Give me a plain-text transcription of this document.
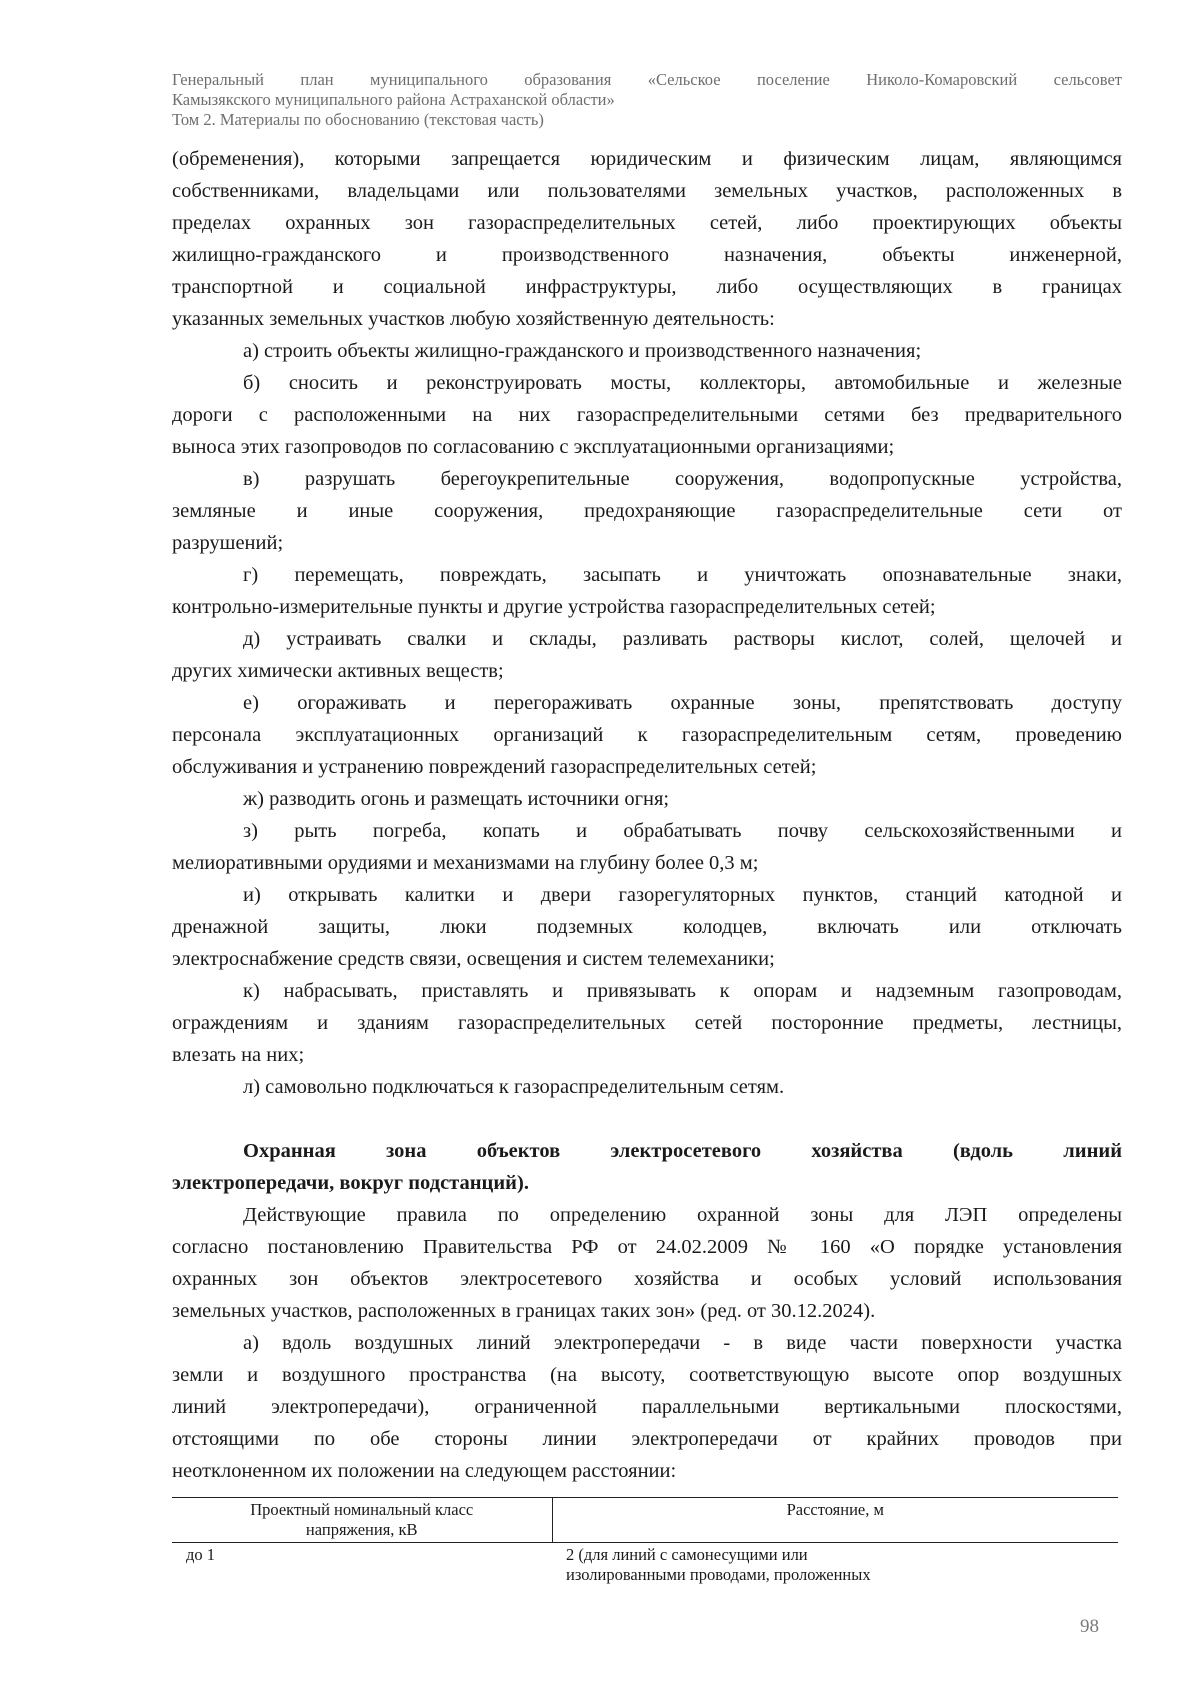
Генеральный план муниципального образования «Сельское поселение Николо-Комаровский сельсовет
Камызякского муниципального района Астраханской области»
Том 2. Материалы по обоснованию (текстовая часть)
(обременения), которыми запрещается юридическим и физическим лицам, являющимся
собственниками, владельцами или пользователями земельных участков, расположенных в
пределах охранных зон газораспределительных сетей, либо проектирующих объекты
жилищно-гражданского и производственного назначения, объекты инженерной,
транспортной и социальной инфраструктуры, либо осуществляющих в границах
указанных земельных участков любую хозяйственную деятельность:
а) строить объекты жилищно-гражданского и производственного назначения;
б) сносить и реконструировать мосты, коллекторы, автомобильные и железные
дороги с расположенными на них газораспределительными сетями без предварительного
выноса этих газопроводов по согласованию с эксплуатационными организациями;
в) разрушать берегоукрепительные сооружения, водопропускные устройства,
земляные и иные сооружения, предохраняющие газораспределительные сети от
разрушений;
г) перемещать, повреждать, засыпать и уничтожать опознавательные знаки,
контрольно-измерительные пункты и другие устройства газораспределительных сетей;
д) устраивать свалки и склады, разливать растворы кислот, солей, щелочей и
других химически активных веществ;
е) огораживать и перегораживать охранные зоны, препятствовать доступу
персонала эксплуатационных организаций к газораспределительным сетям, проведению
обслуживания и устранению повреждений газораспределительных сетей;
ж) разводить огонь и размещать источники огня;
з) рыть погреба, копать и обрабатывать почву сельскохозяйственными и
мелиоративными орудиями и механизмами на глубину более 0,3 м;
и) открывать калитки и двери газорегуляторных пунктов, станций катодной и
дренажной защиты, люки подземных колодцев, включать или отключать
электроснабжение средств связи, освещения и систем телемеханики;
к) набрасывать, приставлять и привязывать к опорам и надземным газопроводам,
ограждениям и зданиям газораспределительных сетей посторонние предметы, лестницы,
влезать на них;
л) самовольно подключаться к газораспределительным сетям.
Охранная зона объектов электросетевого хозяйства (вдоль линий
электропередачи, вокруг подстанций).
Действующие правила по определению охранной зоны для ЛЭП определены
согласно постановлению Правительства РФ от 24.02.2009 № 160 «О порядке установления
охранных зон объектов электросетевого хозяйства и особых условий использования
земельных участков, расположенных в границах таких зон» (ред. от 30.12.2024).
а) вдоль воздушных линий электропередачи - в виде части поверхности участка
земли и воздушного пространства (на высоту, соответствующую высоте опор воздушных
линий электропередачи), ограниченной параллельными вертикальными плоскостями,
отстоящими по обе стороны линии электропередачи от крайних проводов при
неотклоненном их положении на следующем расстоянии:
Проектный номинальный класс
напряжения, кВ	Расстояние, м
до 1	2 (для линий с самонесущими или
изолированными проводами, проложенных
98
